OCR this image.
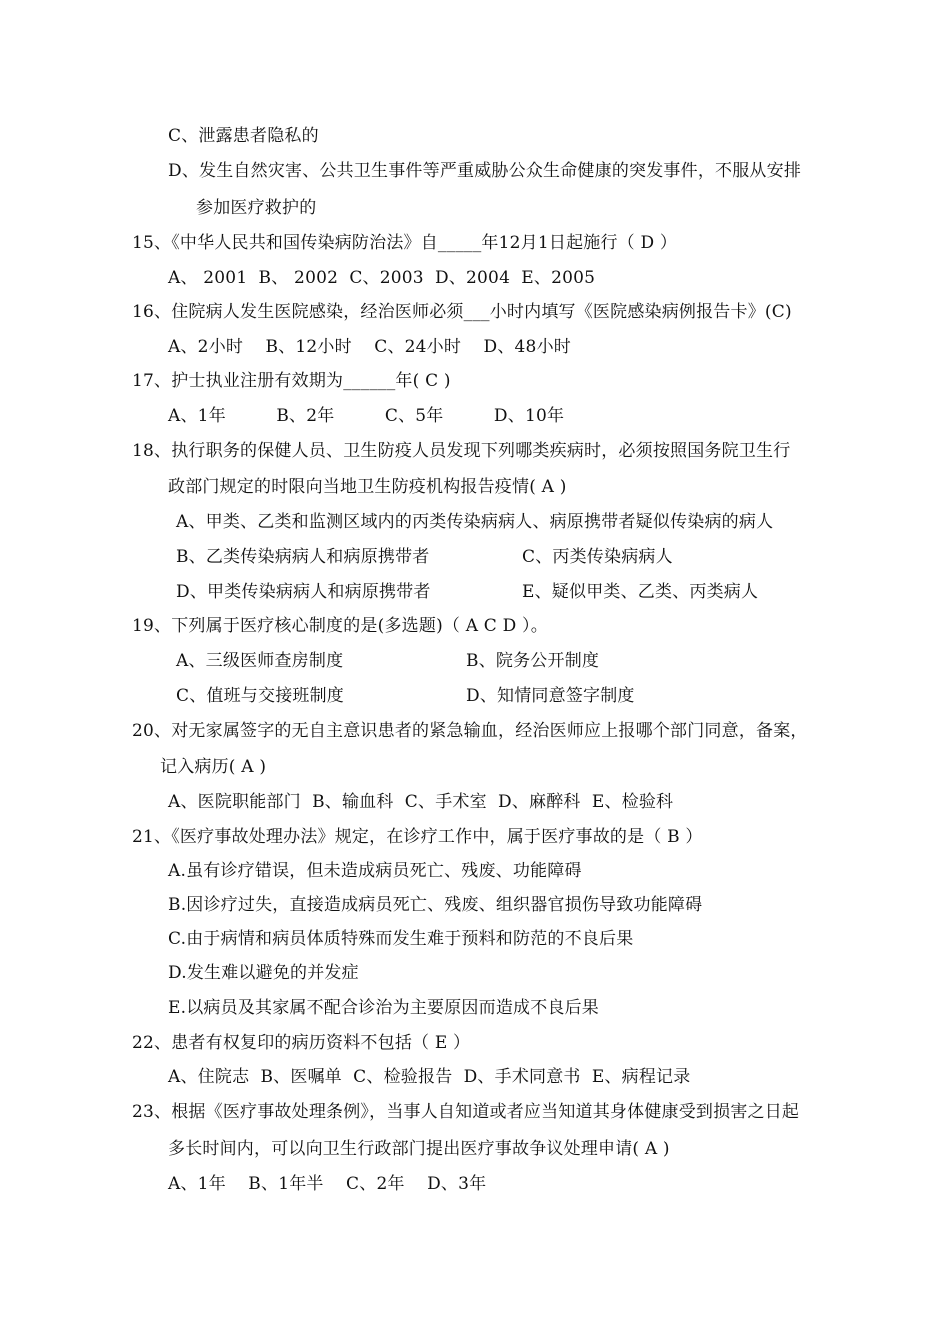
C、泄露患者隐私的
D、发生自然灾害、公共卫生事件等严重威胁公众生命健康的突发事件，不服从安排
参加医疗救护的
15、《中华人民共和国传染病防治法》自_____年12月1日起施行（ D ）
A、 2001  B、 2002  C、2003  D、2004  E、2005
16、住院病人发生医院感染，经治医师必须___小时内填写《医院感染病例报告卡》(C)
A、2小时    B、12小时    C、24小时    D、48小时
17、护士执业注册有效期为______年( C )
A、1年         B、2年         C、5年         D、10年
18、执行职务的保健人员、卫生防疫人员发现下列哪类疾病时，必须按照国务院卫生行
政部门规定的时限向当地卫生防疫机构报告疫情( A )
A、甲类、乙类和监测区域内的丙类传染病病人、病原携带者疑似传染病的病人
B、乙类传染病病人和病原携带者	C、丙类传染病病人
D、甲类传染病病人和病原携带者	E、疑似甲类、乙类、丙类病人
19、下列属于医疗核心制度的是(多选题)（ A C D ）。
A、三级医师查房制度	B、院务公开制度
C、值班与交接班制度	D、知情同意签字制度
20、对无家属签字的无自主意识患者的紧急输血，经治医师应上报哪个部门同意，备案，
记入病历( A )
A、医院职能部门  B、输血科  C、手术室  D、麻醉科  E、检验科
21、《医疗事故处理办法》规定，在诊疗工作中，属于医疗事故的是（ B ）
A.虽有诊疗错误，但未造成病员死亡、残废、功能障碍
B.因诊疗过失，直接造成病员死亡、残废、组织器官损伤导致功能障碍
C.由于病情和病员体质特殊而发生难于预料和防范的不良后果
D.发生难以避免的并发症
E.以病员及其家属不配合诊治为主要原因而造成不良后果
22、患者有权复印的病历资料不包括（ E ）
A、住院志  B、医嘱单  C、检验报告  D、手术同意书  E、病程记录
23、根据《医疗事故处理条例》，当事人自知道或者应当知道其身体健康受到损害之日起
多长时间内，可以向卫生行政部门提出医疗事故争议处理申请( A )
A、1年    B、1年半    C、2年    D、3年
